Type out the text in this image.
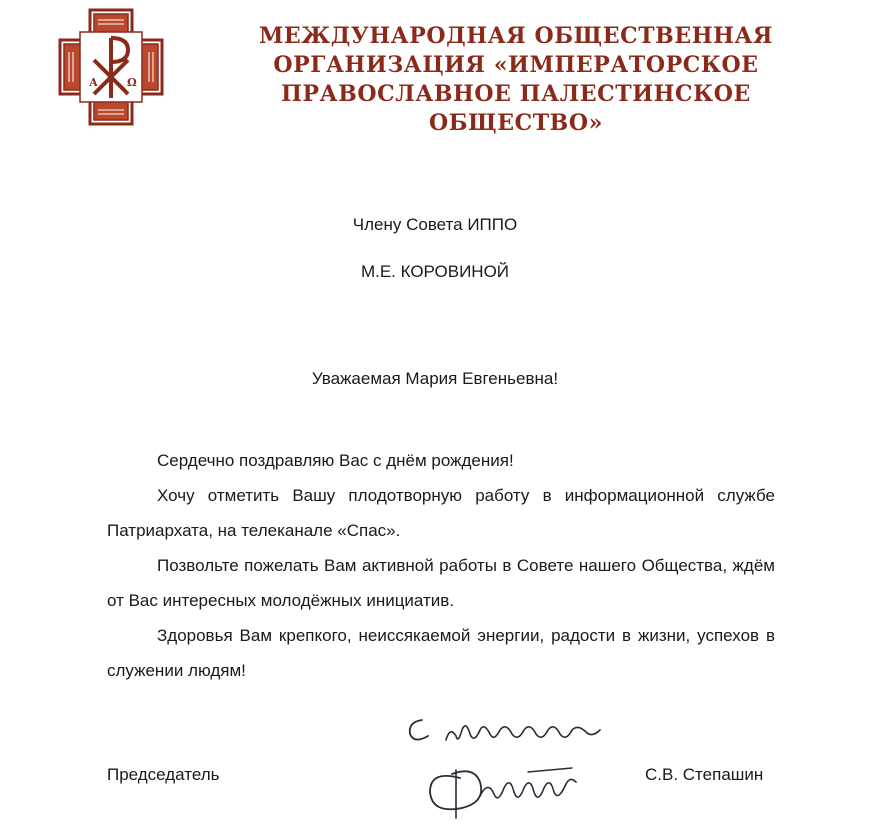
А	Ω
МЕЖДУНАРОДНАЯ ОБЩЕСТВЕННАЯ
ОРГАНИЗАЦИЯ «ИМПЕРАТОРСКОЕ
ПРАВОСЛАВНОЕ ПАЛЕСТИНСКОЕ ОБЩЕСТВО»
Члену Совета ИППО
М.Е. КОРОВИНОЙ
Уважаемая Мария Евгеньевна!

Сердечно поздравляю Вас с днём рождения!

Хочу отметить Вашу плодотворную работу в информационной службе Патриархата, на телеканале «Спас».

Позвольте пожелать Вам активной работы в Совете нашего Общества, ждём от Вас интересных молодёжных инициатив.

Здоровья Вам крепкого, неиссякаемой энергии, радости в жизни, успехов в служении людям!

Председатель	С.В. Степашин
